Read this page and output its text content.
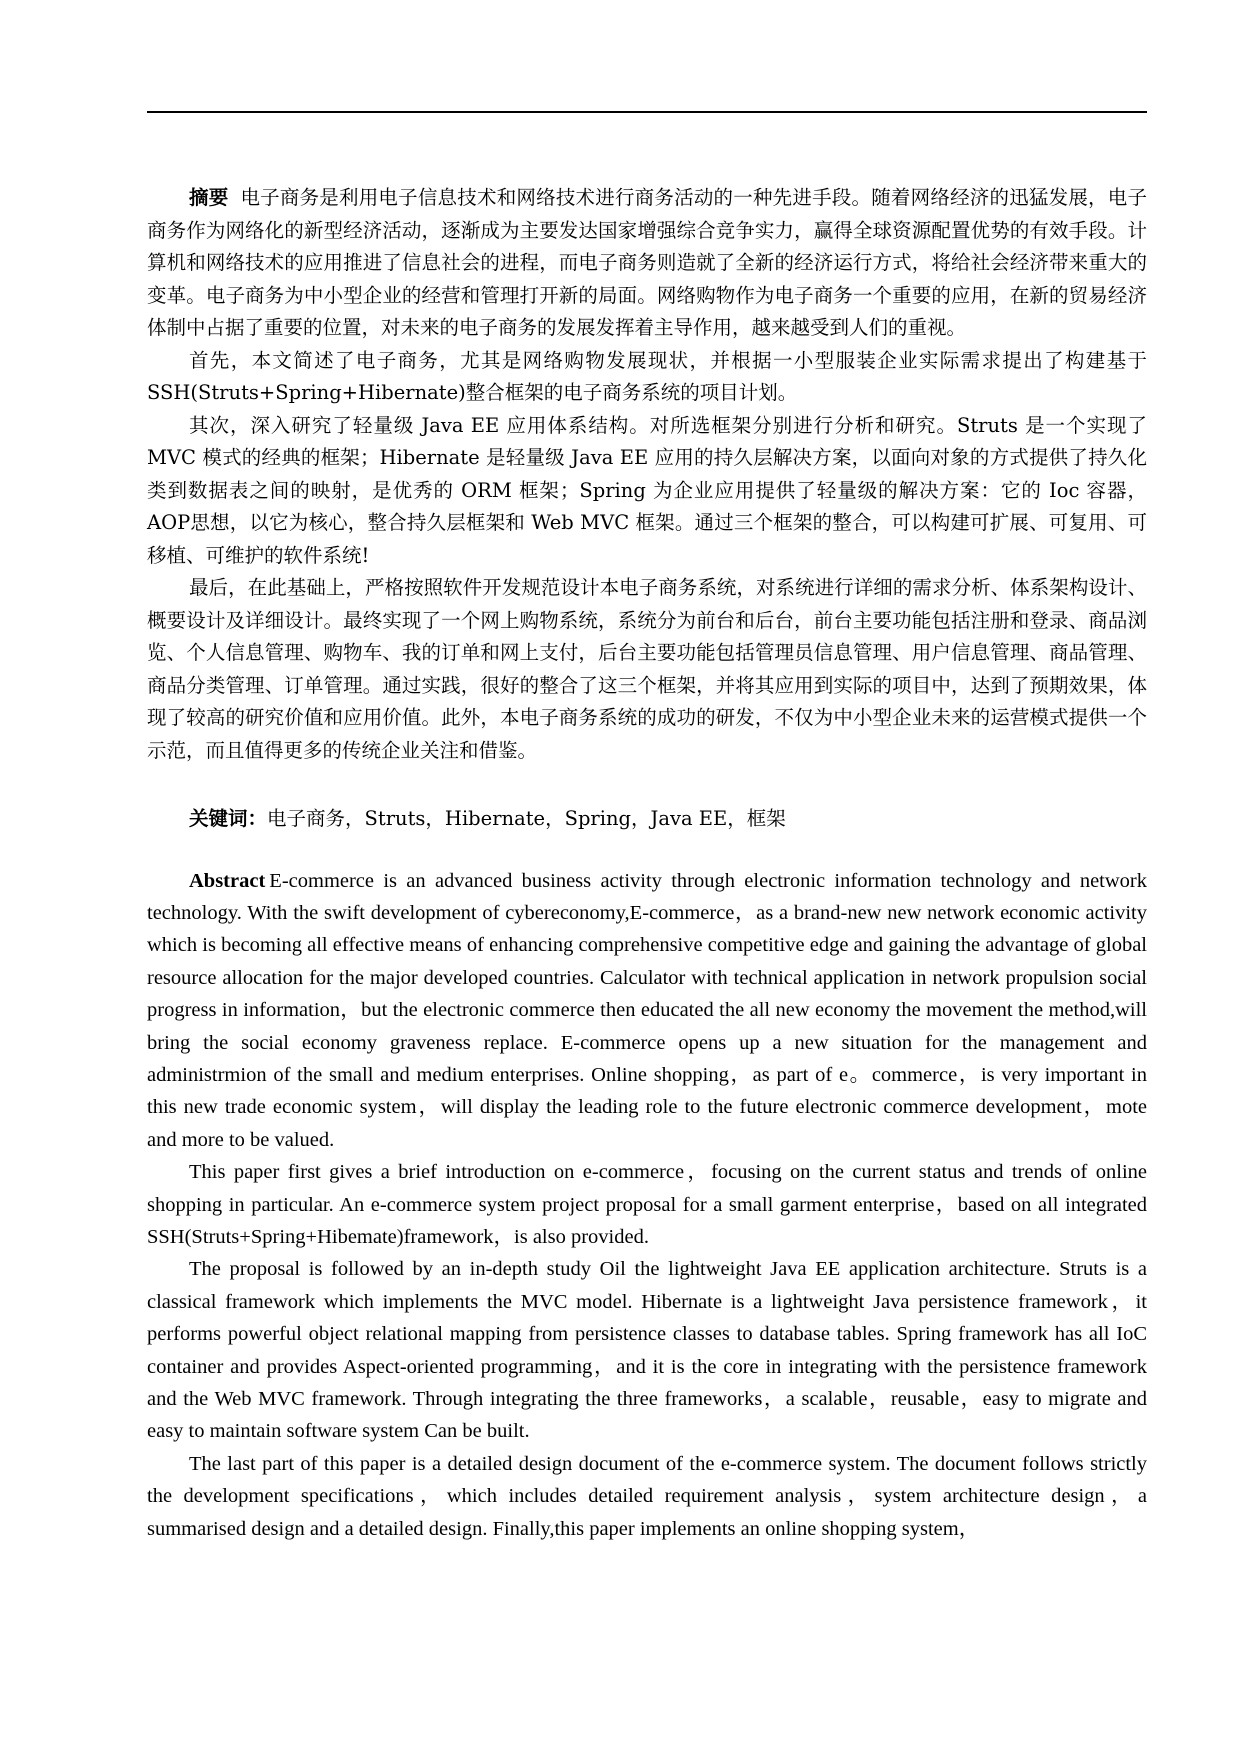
摘要 电子商务是利用电子信息技术和网络技术进行商务活动的一种先进手段。随着网络经济的迅猛发展，电子商务作为网络化的新型经济活动，逐渐成为主要发达国家增强综合竞争实力，赢得全球资源配置优势的有效手段。计算机和网络技术的应用推进了信息社会的进程，而电子商务则造就了全新的经济运行方式，将给社会经济带来重大的变革。电子商务为中小型企业的经营和管理打开新的局面。网络购物作为电子商务一个重要的应用，在新的贸易经济体制中占据了重要的位置，对未来的电子商务的发展发挥着主导作用，越来越受到人们的重视。

首先，本文简述了电子商务，尤其是网络购物发展现状，并根据一小型服装企业实际需求提出了构建基于SSH(Struts+Spring+Hibernate)整合框架的电子商务系统的项目计划。

其次，深入研究了轻量级 Java EE 应用体系结构。对所选框架分别进行分析和研究。Struts 是一个实现了MVC 模式的经典的框架；Hibernate 是轻量级 Java EE 应用的持久层解决方案，以面向对象的方式提供了持久化类到数据表之间的映射，是优秀的 ORM 框架；Spring 为企业应用提供了轻量级的解决方案：它的 Ioc 容器，AOP思想，以它为核心，整合持久层框架和 Web MVC 框架。通过三个框架的整合，可以构建可扩展、可复用、可移植、可维护的软件系统!

最后，在此基础上，严格按照软件开发规范设计本电子商务系统，对系统进行详细的需求分析、体系架构设计、概要设计及详细设计。最终实现了一个网上购物系统，系统分为前台和后台，前台主要功能包括注册和登录、商品浏览、个人信息管理、购物车、我的订单和网上支付，后台主要功能包括管理员信息管理、用户信息管理、商品管理、商品分类管理、订单管理。通过实践，很好的整合了这三个框架，并将其应用到实际的项目中，达到了预期效果，体现了较高的研究价值和应用价值。此外，本电子商务系统的成功的研发，不仅为中小型企业未来的运营模式提供一个示范，而且值得更多的传统企业关注和借鉴。

关键词：电子商务，Struts，Hibernate，Spring，Java EE，框架

Abstract E-commerce is an advanced business activity through electronic information technology and network technology. With the swift development of cybereconomy,E-commerce，as a brand-new new network economic activity which is becoming all effective means of enhancing comprehensive competitive edge and gaining the advantage of global resource allocation for the major developed countries. Calculator with technical application in network propulsion social progress in information，but the electronic commerce then educated the all new economy the movement the method,will bring the social economy graveness replace. E-commerce opens up a new situation for the management and administrmion of the small and medium enterprises. Online shopping，as part of e。commerce，is very important in this new trade economic system，will display the leading role to the future electronic commerce development，mote and more to be valued.

This paper first gives a brief introduction on e-commerce，focusing on the current status and trends of online shopping in particular. An e-commerce system project proposal for a small garment enterprise，based on all integrated SSH(Struts+Spring+Hibemate)framework，is also provided.

The proposal is followed by an in-depth study Oil the lightweight Java EE application architecture. Struts is a classical framework which implements the MVC model. Hibernate is a lightweight Java persistence framework，it performs powerful object relational mapping from persistence classes to database tables. Spring framework has all IoC container and provides Aspect-oriented programming，and it is the core in integrating with the persistence framework and the Web MVC framework. Through integrating the three frameworks，a scalable，reusable，easy to migrate and easy to maintain software system Can be built.

The last part of this paper is a detailed design document of the e-commerce system. The document follows strictly the development specifications，which includes detailed requirement analysis，system architecture design，a summarised design and a detailed design. Finally,this paper implements an online shopping system，
